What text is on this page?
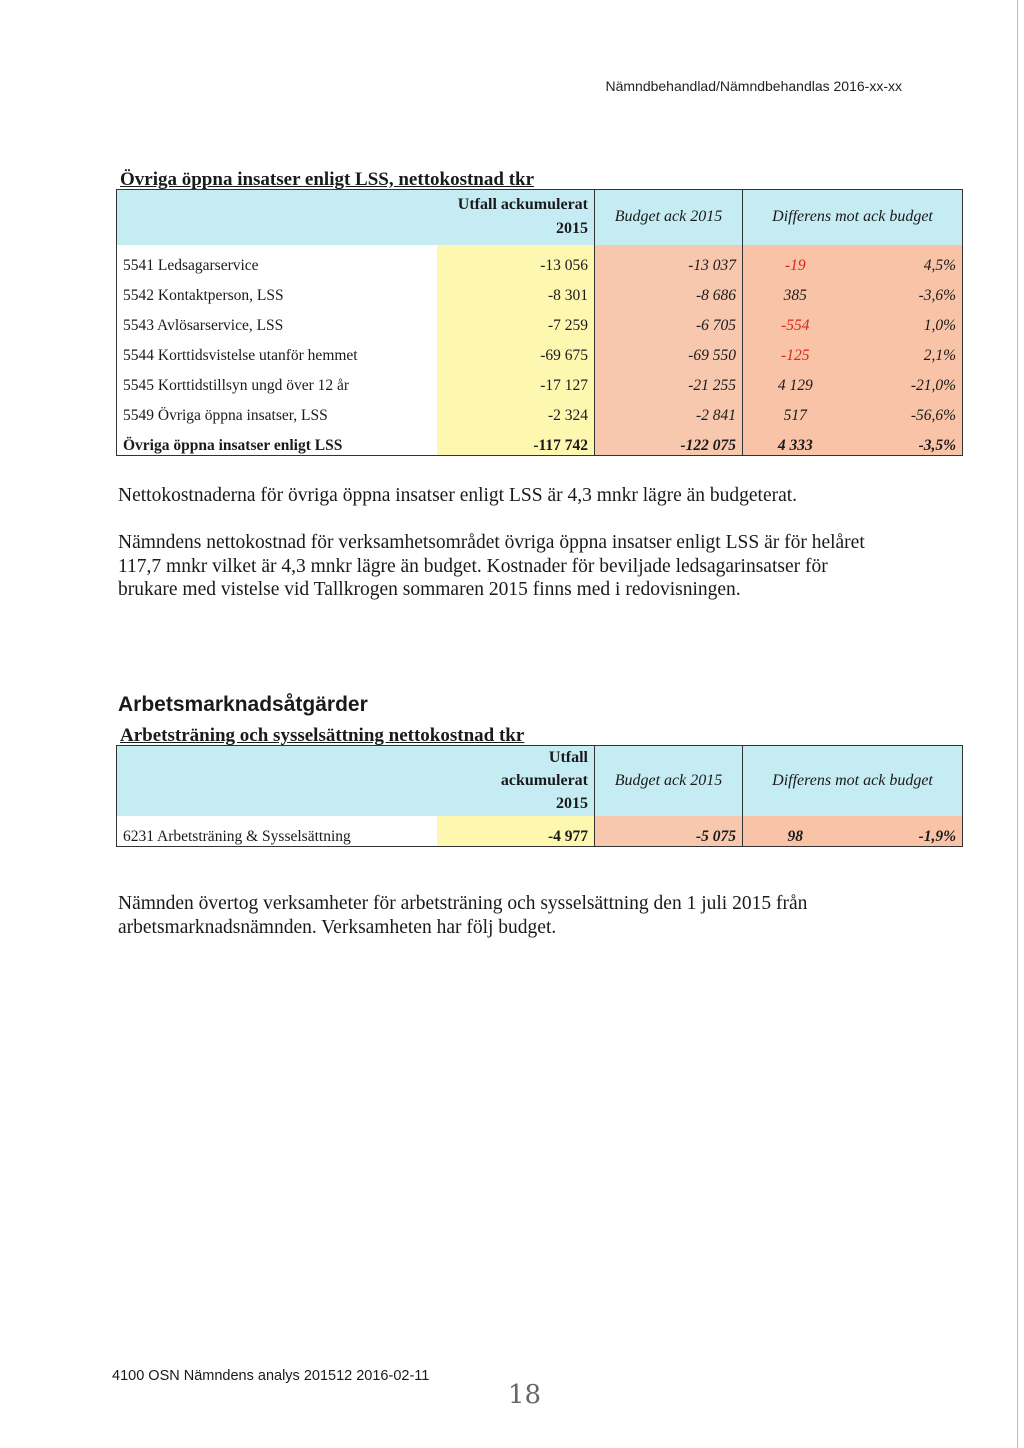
Nämndbehandlad/Nämndbehandlas 2016-xx-xx
Övriga öppna insatser enligt LSS, nettokostnad tkr

	Utfall ackumulerat
2015	Budget ack 2015	Differens mot ack budget	
5541 Ledsagarservice	-13 056	-13 037	-19	4,5%
5542 Kontaktperson, LSS	-8 301	-8 686	385	-3,6%
5543 Avlösarservice, LSS	-7 259	-6 705	-554	1,0%
5544 Korttidsvistelse utanför hemmet	-69 675	-69 550	-125	2,1%
5545 Korttidstillsyn ungd över 12 år	-17 127	-21 255	4 129	-21,0%
5549 Övriga öppna insatser, LSS	-2 324	-2 841	517	-56,6%
Övriga öppna insatser enligt LSS	-117 742	-122 075	4 333	-3,5%

Nettokostnaderna för övriga öppna insatser enligt LSS är 4,3 mnkr lägre än budgeterat.

Nämndens nettokostnad för verksamhetsområdet övriga öppna insatser enligt LSS är för helåret 117,7 mnkr vilket är 4,3 mnkr lägre än budget. Kostnader för beviljade ledsagarinsatser för brukare med vistelse vid Tallkrogen sommaren 2015 finns med i redovisningen.

Arbetsmarknadsåtgärder
Arbetsträning och sysselsättning nettokostnad tkr

	Utfall
ackumulerat
2015	Budget ack 2015	Differens mot ack budget	
6231 Arbetsträning & Sysselsättning	-4 977	-5 075	98	-1,9%

Nämnden övertog verksamheter för arbetsträning och sysselsättning den 1 juli 2015 från arbetsmarknadsnämnden. Verksamheten har följ budget.

4100 OSN Nämndens analys 201512 2016-02-11
18
